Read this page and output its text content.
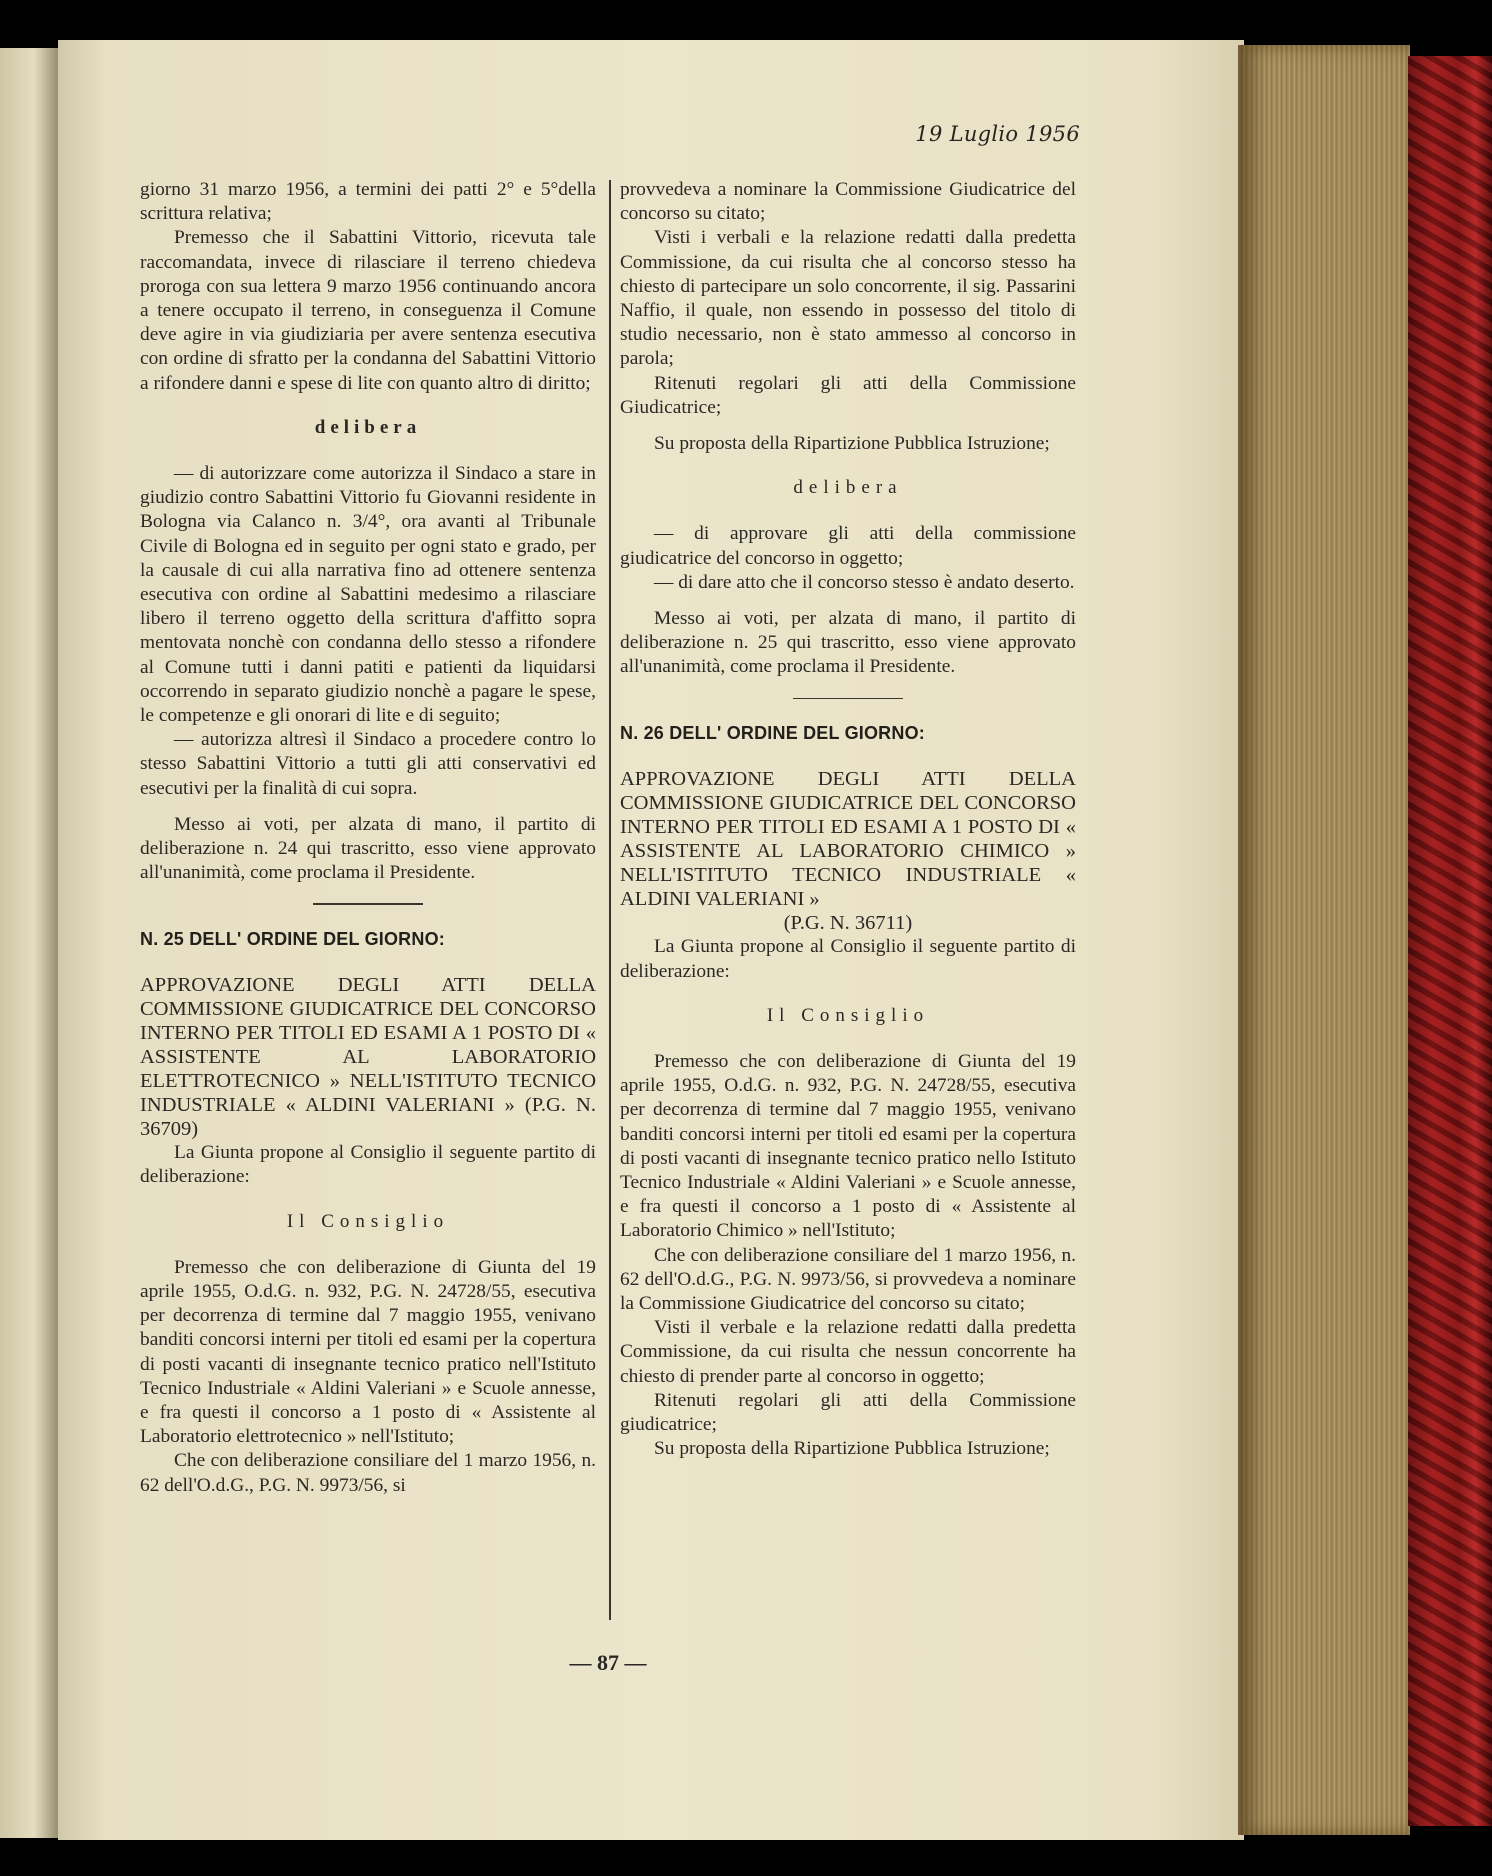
19 Luglio 1956

giorno 31 marzo 1956, a termini dei patti 2° e 5°della scrittura relativa;

Premesso che il Sabattini Vittorio, ricevuta tale raccomandata, invece di rilasciare il terreno chiedeva proroga con sua lettera 9 marzo 1956 continuando ancora a tenere occupato il terreno, in conseguenza il Comune deve agire in via giudiziaria per avere sentenza esecutiva con ordine di sfratto per la condanna del Sabattini Vittorio a rifondere danni e spese di lite con quanto altro di diritto;

delibera

— di autorizzare come autorizza il Sindaco a stare in giudizio contro Sabattini Vittorio fu Giovanni residente in Bologna via Calanco n. 3/4°, ora avanti al Tribunale Civile di Bologna ed in seguito per ogni stato e grado, per la causale di cui alla narrativa fino ad ottenere sentenza esecutiva con ordine al Sabattini medesimo a rilasciare libero il terreno oggetto della scrittura d'affitto sopra mentovata nonchè con condanna dello stesso a rifondere al Comune tutti i danni patiti e patienti da liquidarsi occorrendo in separato giudizio nonchè a pagare le spese, le competenze e gli onorari di lite e di seguito;

— autorizza altresì il Sindaco a procedere contro lo stesso Sabattini Vittorio a tutti gli atti conservativi ed esecutivi per la finalità di cui sopra.

Messo ai voti, per alzata di mano, il partito di deliberazione n. 24 qui trascritto, esso viene approvato all'unanimità, come proclama il Presidente.

N. 25 DELL' ORDINE DEL GIORNO:

APPROVAZIONE DEGLI ATTI DELLA COMMISSIONE GIUDICATRICE DEL CONCORSO INTERNO PER TITOLI ED ESAMI A 1 POSTO DI « ASSISTENTE AL LABORATORIO ELETTROTECNICO » NELL'ISTITUTO TECNICO INDUSTRIALE « ALDINI VALERIANI » (P.G. N. 36709)

La Giunta propone al Consiglio il seguente partito di deliberazione:

Il Consiglio

Premesso che con deliberazione di Giunta del 19 aprile 1955, O.d.G. n. 932, P.G. N. 24728/55, esecutiva per decorrenza di termine dal 7 maggio 1955, venivano banditi concorsi interni per titoli ed esami per la copertura di posti vacanti di insegnante tecnico pratico nell'Istituto Tecnico Industriale « Aldini Valeriani » e Scuole annesse, e fra questi il concorso a 1 posto di « Assistente al Laboratorio elettrotecnico » nell'Istituto;

Che con deliberazione consiliare del 1 marzo 1956, n. 62 dell'O.d.G., P.G. N. 9973/56, si

provvedeva a nominare la Commissione Giudicatrice del concorso su citato;

Visti i verbali e la relazione redatti dalla predetta Commissione, da cui risulta che al concorso stesso ha chiesto di partecipare un solo concorrente, il sig. Passarini Naffio, il quale, non essendo in possesso del titolo di studio necessario, non è stato ammesso al concorso in parola;

Ritenuti regolari gli atti della Commissione Giudicatrice;

Su proposta della Ripartizione Pubblica Istruzione;

delibera

— di approvare gli atti della commissione giudicatrice del concorso in oggetto;

— di dare atto che il concorso stesso è andato deserto.

Messo ai voti, per alzata di mano, il partito di deliberazione n. 25 qui trascritto, esso viene approvato all'unanimità, come proclama il Presidente.

N. 26 DELL' ORDINE DEL GIORNO:

APPROVAZIONE DEGLI ATTI DELLA COMMISSIONE GIUDICATRICE DEL CONCORSO INTERNO PER TITOLI ED ESAMI A 1 POSTO DI « ASSISTENTE AL LABORATORIO CHIMICO » NELL'ISTITUTO TECNICO INDUSTRIALE « ALDINI VALERIANI »
(P.G. N. 36711)

La Giunta propone al Consiglio il seguente partito di deliberazione:

Il Consiglio

Premesso che con deliberazione di Giunta del 19 aprile 1955, O.d.G. n. 932, P.G. N. 24728/55, esecutiva per decorrenza di termine dal 7 maggio 1955, venivano banditi concorsi interni per titoli ed esami per la copertura di posti vacanti di insegnante tecnico pratico nello Istituto Tecnico Industriale « Aldini Valeriani » e Scuole annesse, e fra questi il concorso a 1 posto di « Assistente al Laboratorio Chimico » nell'Istituto;

Che con deliberazione consiliare del 1 marzo 1956, n. 62 dell'O.d.G., P.G. N. 9973/56, si provvedeva a nominare la Commissione Giudicatrice del concorso su citato;

Visti il verbale e la relazione redatti dalla predetta Commissione, da cui risulta che nessun concorrente ha chiesto di prender parte al concorso in oggetto;

Ritenuti regolari gli atti della Commissione giudicatrice;

Su proposta della Ripartizione Pubblica Istruzione;

— 87 —
